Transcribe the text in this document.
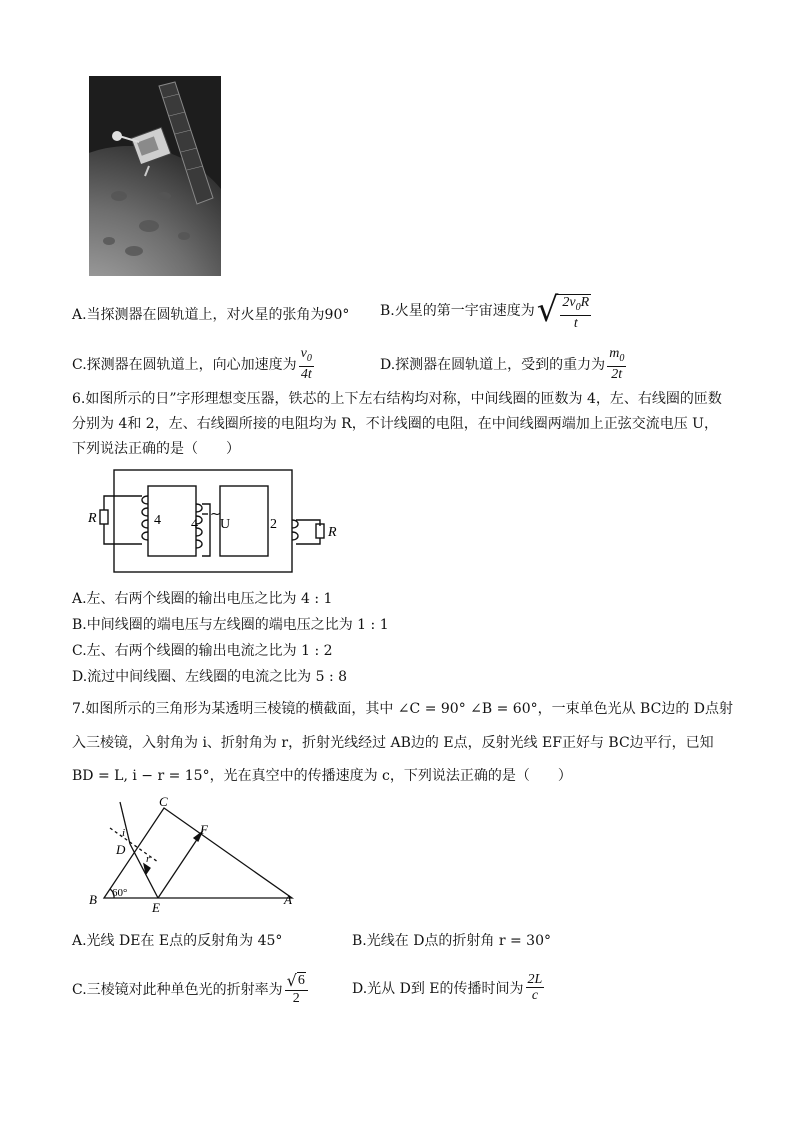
A.当探测器在圆轨道上，对火星的张角为90° B.火星的第一宇宙速度为 √ $\frac{2v_0R}{t}$
C.探测器在圆轨道上，向心加速度为 $\frac{v_0}{4t}$	D.探测器在圆轨道上，受到的重力为 $\frac{m_0}{2t}$
6.如图所示的日”字形理想变压器，铁芯的上下左右结构均对称，中间线圈的匝数为 4，左、右线圈的匝数
分别为 4和 2，左、右线圈所接的电阻均为 R，不计线圈的电阻，在中间线圈两端加上正弦交流电压 U，
下列说法正确的是（　　）
R	4 4
~
U	2
R
A.左、右两个线圈的输出电压之比为 4 : 1
B.中间线圈的端电压与左线圈的端电压之比为 1 : 1
C.左、右两个线圈的输出电流之比为 1 : 2
D.流过中间线圈、左线圈的电流之比为 5 : 8
7.如图所示的三角形为某透明三棱镜的横截面，其中 ∠C = 90° ∠B = 60°，一束单色光从 BC边的 D点射
入三棱镜，入射角为 i、折射角为 r，折射光线经过 AB边的 E点，反射光线 EF正好与 BC边平行，已知
BD = L, i − r = 15°，光在真空中的传播速度为 c，下列说法正确的是（　　）
C
F
i
D
r
B 60°
E
A
A.光线 DE在 E点的反射角为 45°	B.光线在 D点的折射角 r = 30°
C.三棱镜对此种单色光的折射率为 $\frac{√ 6}{2}$	D.光从 D到 E的传播时间为 $\frac{2L}{c}$
